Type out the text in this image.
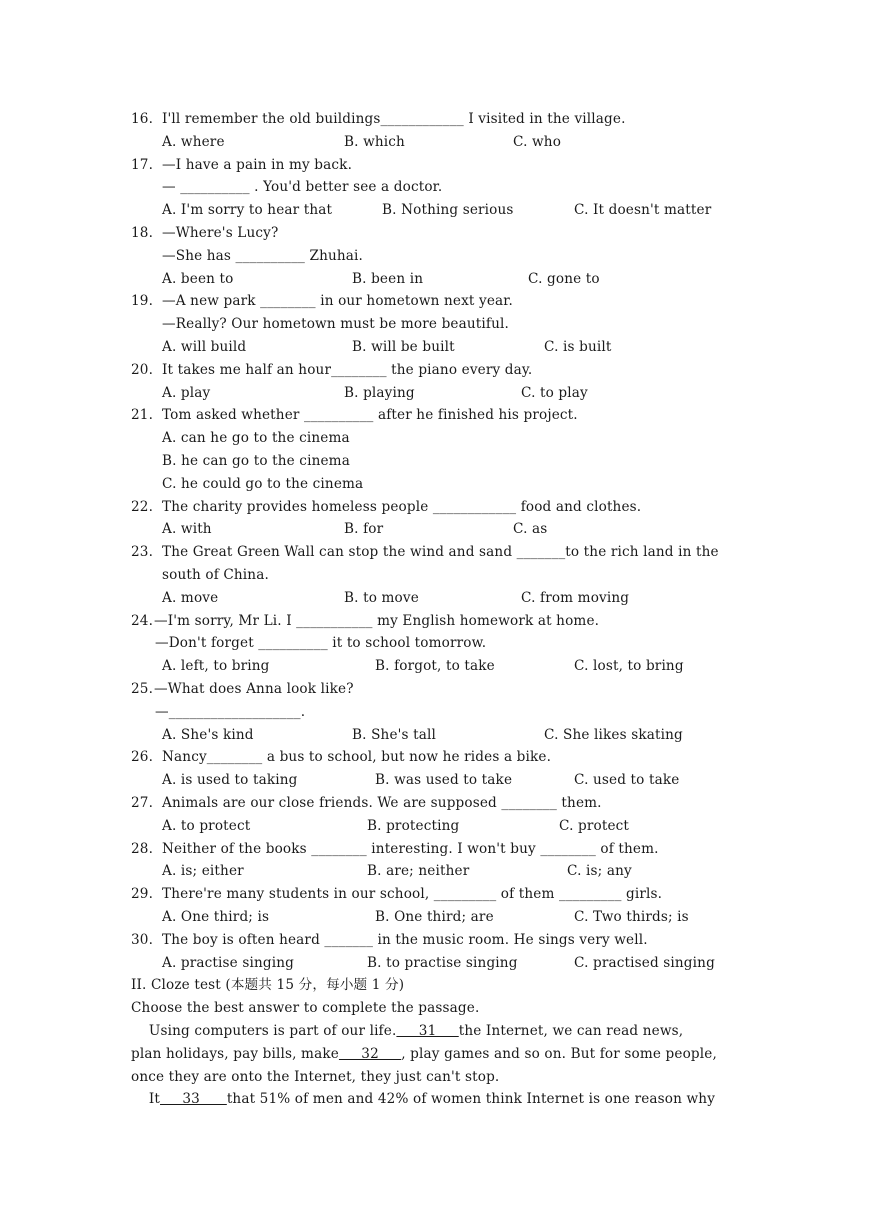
16. I'll remember the old buildings____________ I visited in the village.
A. where	B. which	C. who
17. —I have a pain in my back.
— __________ . You'd better see a doctor.
A. I'm sorry to hear that	B. Nothing serious	C. It doesn't matter
18. —Where's Lucy?
—She has __________ Zhuhai.
A. been to	B. been in	C. gone to
19. —A new park ________ in our hometown next year.
—Really? Our hometown must be more beautiful.
A. will build	B. will be built	C. is built
20. It takes me half an hour________ the piano every day.
A. play	B. playing	C. to play
21. Tom asked whether __________ after he finished his project.
A. can he go to the cinema
B. he can go to the cinema
C. he could go to the cinema
22. The charity provides homeless people ____________ food and clothes.
A. with	B. for	C. as
23. The Great Green Wall can stop the wind and sand _______to the rich land in the
south of China.
A. move	B. to move	C. from moving
24. —I'm sorry, Mr Li. I ___________ my English homework at home.
—Don't forget __________ it to school tomorrow.
A. left, to bring	B. forgot, to take	C. lost, to bring
25. —What does Anna look like?
—___________________.
A. She's kind	B. She's tall	C. She likes skating
26. Nancy________ a bus to school, but now he rides a bike.
A. is used to taking	B. was used to take	C. used to take
27. Animals are our close friends. We are supposed ________ them.
A. to protect	B. protecting	C. protect
28. Neither of the books ________ interesting. I won't buy ________ of them.
A. is; either	B. are; neither	C. is; any
29. There're many students in our school, _________ of them _________ girls.
A. One third; is	B. One third; are	C. Two thirds; is
30. The boy is often heard _______ in the music room. He sings very well.
A. practise singing	B. to practise singing	C. practised singing
II. Cloze test (本题共 15 分，每小题 1 分)
Choose the best answer to complete the passage.
Using computers is part of our life.     31     the Internet, we can read news,
plan holidays, pay bills, make     32     , play games and so on. But for some people,
once they are onto the Internet, they just can't stop.
It     33      that 51% of men and 42% of women think Internet is one reason why
